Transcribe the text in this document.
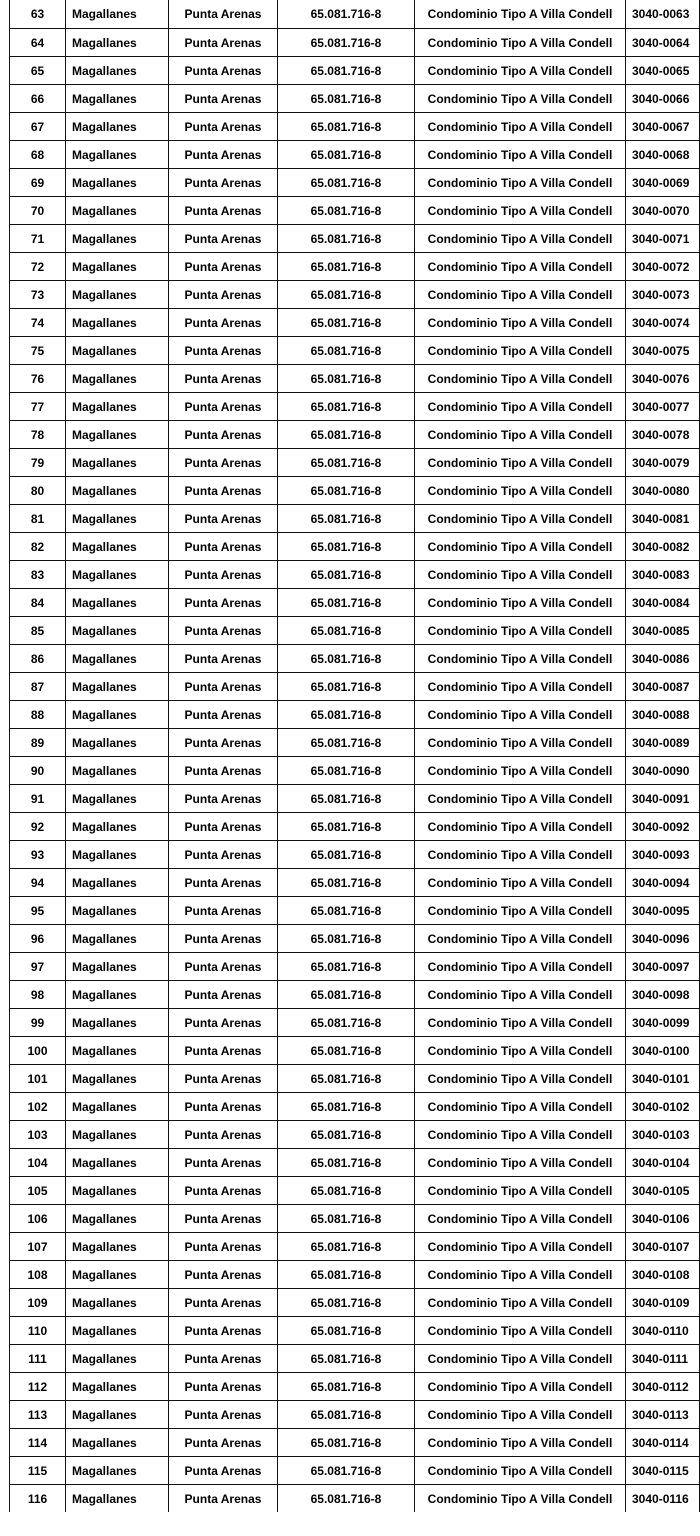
63	Magallanes	Punta Arenas	65.081.716-8	Condominio Tipo A Villa Condell	3040-0063
64	Magallanes	Punta Arenas	65.081.716-8	Condominio Tipo A Villa Condell	3040-0064
65	Magallanes	Punta Arenas	65.081.716-8	Condominio Tipo A Villa Condell	3040-0065
66	Magallanes	Punta Arenas	65.081.716-8	Condominio Tipo A Villa Condell	3040-0066
67	Magallanes	Punta Arenas	65.081.716-8	Condominio Tipo A Villa Condell	3040-0067
68	Magallanes	Punta Arenas	65.081.716-8	Condominio Tipo A Villa Condell	3040-0068
69	Magallanes	Punta Arenas	65.081.716-8	Condominio Tipo A Villa Condell	3040-0069
70	Magallanes	Punta Arenas	65.081.716-8	Condominio Tipo A Villa Condell	3040-0070
71	Magallanes	Punta Arenas	65.081.716-8	Condominio Tipo A Villa Condell	3040-0071
72	Magallanes	Punta Arenas	65.081.716-8	Condominio Tipo A Villa Condell	3040-0072
73	Magallanes	Punta Arenas	65.081.716-8	Condominio Tipo A Villa Condell	3040-0073
74	Magallanes	Punta Arenas	65.081.716-8	Condominio Tipo A Villa Condell	3040-0074
75	Magallanes	Punta Arenas	65.081.716-8	Condominio Tipo A Villa Condell	3040-0075
76	Magallanes	Punta Arenas	65.081.716-8	Condominio Tipo A Villa Condell	3040-0076
77	Magallanes	Punta Arenas	65.081.716-8	Condominio Tipo A Villa Condell	3040-0077
78	Magallanes	Punta Arenas	65.081.716-8	Condominio Tipo A Villa Condell	3040-0078
79	Magallanes	Punta Arenas	65.081.716-8	Condominio Tipo A Villa Condell	3040-0079
80	Magallanes	Punta Arenas	65.081.716-8	Condominio Tipo A Villa Condell	3040-0080
81	Magallanes	Punta Arenas	65.081.716-8	Condominio Tipo A Villa Condell	3040-0081
82	Magallanes	Punta Arenas	65.081.716-8	Condominio Tipo A Villa Condell	3040-0082
83	Magallanes	Punta Arenas	65.081.716-8	Condominio Tipo A Villa Condell	3040-0083
84	Magallanes	Punta Arenas	65.081.716-8	Condominio Tipo A Villa Condell	3040-0084
85	Magallanes	Punta Arenas	65.081.716-8	Condominio Tipo A Villa Condell	3040-0085
86	Magallanes	Punta Arenas	65.081.716-8	Condominio Tipo A Villa Condell	3040-0086
87	Magallanes	Punta Arenas	65.081.716-8	Condominio Tipo A Villa Condell	3040-0087
88	Magallanes	Punta Arenas	65.081.716-8	Condominio Tipo A Villa Condell	3040-0088
89	Magallanes	Punta Arenas	65.081.716-8	Condominio Tipo A Villa Condell	3040-0089
90	Magallanes	Punta Arenas	65.081.716-8	Condominio Tipo A Villa Condell	3040-0090
91	Magallanes	Punta Arenas	65.081.716-8	Condominio Tipo A Villa Condell	3040-0091
92	Magallanes	Punta Arenas	65.081.716-8	Condominio Tipo A Villa Condell	3040-0092
93	Magallanes	Punta Arenas	65.081.716-8	Condominio Tipo A Villa Condell	3040-0093
94	Magallanes	Punta Arenas	65.081.716-8	Condominio Tipo A Villa Condell	3040-0094
95	Magallanes	Punta Arenas	65.081.716-8	Condominio Tipo A Villa Condell	3040-0095
96	Magallanes	Punta Arenas	65.081.716-8	Condominio Tipo A Villa Condell	3040-0096
97	Magallanes	Punta Arenas	65.081.716-8	Condominio Tipo A Villa Condell	3040-0097
98	Magallanes	Punta Arenas	65.081.716-8	Condominio Tipo A Villa Condell	3040-0098
99	Magallanes	Punta Arenas	65.081.716-8	Condominio Tipo A Villa Condell	3040-0099
100	Magallanes	Punta Arenas	65.081.716-8	Condominio Tipo A Villa Condell	3040-0100
101	Magallanes	Punta Arenas	65.081.716-8	Condominio Tipo A Villa Condell	3040-0101
102	Magallanes	Punta Arenas	65.081.716-8	Condominio Tipo A Villa Condell	3040-0102
103	Magallanes	Punta Arenas	65.081.716-8	Condominio Tipo A Villa Condell	3040-0103
104	Magallanes	Punta Arenas	65.081.716-8	Condominio Tipo A Villa Condell	3040-0104
105	Magallanes	Punta Arenas	65.081.716-8	Condominio Tipo A Villa Condell	3040-0105
106	Magallanes	Punta Arenas	65.081.716-8	Condominio Tipo A Villa Condell	3040-0106
107	Magallanes	Punta Arenas	65.081.716-8	Condominio Tipo A Villa Condell	3040-0107
108	Magallanes	Punta Arenas	65.081.716-8	Condominio Tipo A Villa Condell	3040-0108
109	Magallanes	Punta Arenas	65.081.716-8	Condominio Tipo A Villa Condell	3040-0109
110	Magallanes	Punta Arenas	65.081.716-8	Condominio Tipo A Villa Condell	3040-0110
111	Magallanes	Punta Arenas	65.081.716-8	Condominio Tipo A Villa Condell	3040-0111
112	Magallanes	Punta Arenas	65.081.716-8	Condominio Tipo A Villa Condell	3040-0112
113	Magallanes	Punta Arenas	65.081.716-8	Condominio Tipo A Villa Condell	3040-0113
114	Magallanes	Punta Arenas	65.081.716-8	Condominio Tipo A Villa Condell	3040-0114
115	Magallanes	Punta Arenas	65.081.716-8	Condominio Tipo A Villa Condell	3040-0115
116	Magallanes	Punta Arenas	65.081.716-8	Condominio Tipo A Villa Condell	3040-0116
